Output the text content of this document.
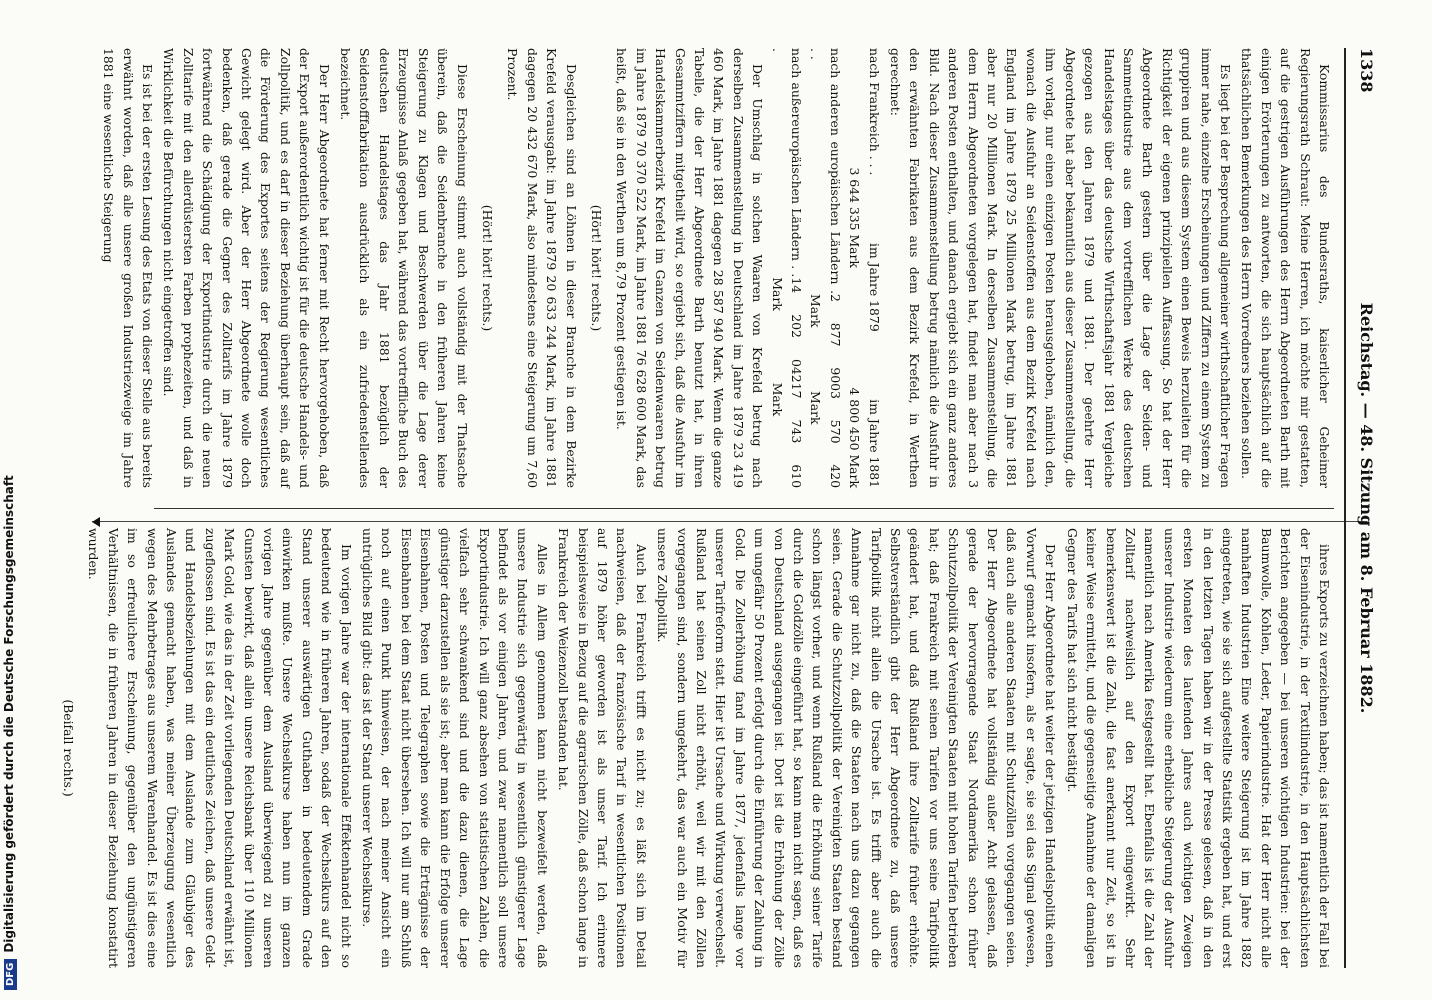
DFGDigitalisierung gefördert durch die Deutsche Forschungsgemeinschaft
1338
Reichstag. — 48. Sitzung am 8. Februar 1882.

Kommissarius des Bundesraths, kaiserlicher Geheimer Regierungsrath Schraut: Meine Herren, ich möchte mir gestatten, auf die gestrigen Ausführungen des Herrn Abgeordneten Barth mit einigen Erörterungen zu antworten, die sich hauptsächlich auf die thatsächlichen Bemerkungen des Herrn Vorredners beziehen sollen.

Es liegt bei der Besprechung allgemeiner wirthschaftlicher Fragen immer nahe, einzelne Erscheinungen und Ziffern zu einem System zu gruppiren und aus diesem System einen Beweis herzuleiten für die Richtigkeit der eigenen prinzipiellen Auffassung. So hat der Herr Abgeordnete Barth gestern über die Lage der Seiden- und Sammetindustrie aus dem vortrefflichen Werke des deutschen Handelstages über das deutsche Wirthschaftsjahr 1881 Vergleiche gezogen aus den Jahren 1879 und 1881. Der geehrte Herr Abgeordnete hat aber bekanntlich aus dieser Zusammenstellung, die ihm vorlag, nur einen einzigen Posten herausgehoben, nämlich den, wonach die Ausfuhr an Seidenstoffen aus dem Bezirk Krefeld nach England im Jahre 1879 25 Millionen Mark betrug, im Jahre 1881 aber nur 20 Millionen Mark. In derselben Zusammenstellung, die dem Herrn Abgeordneten vorgelegen hat, findet man aber nach 3 anderen Posten enthalten, und danach ergiebt sich ein ganz anderes Bild. Nach dieser Zusammenstellung betrug nämlich die Ausfuhr in den erwähnten Fabrikaten aus dem Bezirk Krefeld, in Werthen gerechnet:

nach Frankreich . . .
im Jahre 1879
im Jahre 1881
3 644 335 Mark
4 800 450 Mark
nach anderen europäischen Ländern . . .
2 877 900 Mark
3 570 420 Mark
nach außereuropäischen Ländern . . .
14 202 042 Mark
17 743 610 Mark

Der Umschlag in solchen Waaren von Krefeld betrug nach derselben Zusammenstellung in Deutschland im Jahre 1879 23 419 460 Mark, im Jahre 1881 dagegen 28 587 940 Mark. Wenn die ganze Tabelle, die der Herr Abgeordnete Barth benutzt hat, in ihren Gesammtziffern mitgetheilt wird, so ergiebt sich, daß die Ausfuhr im Handelskammerbezirk Krefeld im Ganzen von Seidenwaaren betrug im Jahre 1879 70 370 522 Mark, im Jahre 1881 76 628 600 Mark, das heißt, daß sie in den Werthen um 8,79 Prozent gestiegen ist.

(Hört! hört! rechts.)

Desgleichen sind an Löhnen in dieser Branche in dem Bezirke Krefeld verausgabt: im Jahre 1879 20 633 244 Mark, im Jahre 1881 dagegen 20 432 670 Mark, also mindestens eine Steigerung um 7,60 Prozent.

(Hört! hört! rechts.)

Diese Erscheinung stimmt auch vollständig mit der Thatsache überein, daß die Seidenbranche in den früheren Jahren keine Steigerung zu Klagen und Beschwerden über die Lage derer Erzeugnisse Anlaß gegeben hat, während das vortreffliche Buch des deutschen Handelstages das Jahr 1881 bezüglich der Seidenstofffabrikation ausdrücklich als ein zufriedenstellendes bezeichnet.

Der Herr Abgeordnete hat ferner mit Recht hervorgehoben, daß der Export außerordentlich wichtig ist für die deutsche Handels- und Zollpolitik, und es darf in dieser Beziehung überhaupt sein, daß auf die Förderung des Exportes seitens der Regierung wesentliches Gewicht gelegt wird. Aber der Herr Abgeordnete wolle doch bedenken, daß gerade die Gegner des Zolltarifs im Jahre 1879 fortwährend die Schädigung der Exportindustrie durch die neuen Zolltarife mit den allerdüstersten Farben prophezeiten, und daß in Wirklichkeit die Befürchtungen nicht eingetroffen sind.

Es ist bei der ersten Lesung des Etats von dieser Stelle aus bereits erwähnt worden, daß alle unsere großen Industriezweige im Jahre 1881 eine wesentliche Steigerung

ihres Exports zu verzeichnen haben; das ist namentlich der Fall bei der Eisenindustrie, in der Textilindustrie, in den Hauptsächlichsten Berichten angegeben — bei unseren wichtigen Industrien: bei der Baumwolle, Kohlen, Leder, Papierindustrie. Hat der Herr nicht alle namhaften Industrien Eine weitere Steigerung ist im Jahre 1882 eingetreten, wie sie sich aufgestellte Statistik ergeben hat, und erst in den letzten Tagen haben wir in der Presse gelesen, daß in den ersten Monaten des laufenden Jahres auch wichtigen Zweigen unserer Industrie wiederum eine erhebliche Steigerung der Ausfuhr namentlich nach Amerika festgestellt hat. Ebenfalls ist die Zahl der Zolltarif nachweislich auf den Export eingewirkt. Sehr bemerkenswert ist die Zahl, die fast anerkannt nur Zeit, so ist in keiner Weise ermittelt, und die gegenseitige Annahme der damaligen Gegner des Tarifs hat sich nicht bestätigt.

Der Herr Abgeordnete hat weiter der jetzigen Handelspolitik einen Vorwurf gemacht insofern, als er sagte, sie sei das Signal gewesen, daß auch alle anderen Staaten mit Schutzzöllen vorgegangen seien. Der Herr Abgeordnete hat vollständig außer Acht gelassen, daß gerade der hervorragende Staat Nordamerika schon früher Schutzzollpolitik der Vereinigten Staaten mit hohen Tarifen betrieben hat; daß Frankreich mit seinen Tarifen vor uns seine Tarifpolitik geändert hat, und daß Rußland ihre Zolltarife früher erhöhte. Selbstverständlich gibt der Herr Abgeordnete zu, daß unsere Tarifpolitik nicht allein die Ursache ist. Es trifft aber auch die Annahme gar nicht zu, daß die Staaten nach uns dazu gegangen seien. Gerade die Schutzzollpolitik der Vereinigten Staaten bestand schon längst vorher, und wenn Rußland die Erhöhung seiner Tarife durch die Goldzölle eingeführt hat, so kann man nicht sagen, daß es von Deutschland ausgegangen ist. Dort ist die Erhöhung der Zölle um ungefähr 50 Prozent erfolgt durch die Einführung der Zahlung in Gold. Die Zollerhöhung fand im Jahre 1877, jedenfalls lange vor unserer Tarifreform statt. Hier ist Ursache und Wirkung verwechselt. Rußland hat seinen Zoll nicht erhöht, weil wir mit den Zöllen vorgegangen sind, sondern umgekehrt, das war auch ein Motiv für unsere Zollpolitik.

Auch bei Frankreich trifft es nicht zu; es läßt sich im Detail nachweisen, daß der französische Tarif in wesentlichen Positionen auf 1879 höher geworden ist als unser Tarif. Ich erinnere beispielsweise in Bezug auf die agrarischen Zölle, daß schon lange in Frankreich der Weizenzoll bestanden hat.

Alles in Allem genommen kann nicht bezweifelt werden, daß unsere Industrie sich gegenwärtig in wesentlich günstigerer Lage befindet als vor einigen Jahren, und zwar namentlich soll unsere Exportindustrie. Ich will ganz absehen von statistischen Zahlen, die vielfach sehr schwankend sind und die dazu dienen, die Lage günstiger darzustellen als sie ist; aber man kann die Erfolge unserer Eisenbahnen, Posten und Telegraphen sowie die Erträgnisse der Eisenbahnen bei dem Staat nicht übersehen. Ich will nur am Schluß noch auf einen Punkt hinweisen, der nach meiner Ansicht ein untrügliches Bild gibt: das ist der Stand unserer Wechselkurse.

Im vorigen Jahre war der internationale Effektenhandel nicht so bedeutend wie in früheren Jahren, sodaß der Wechselkurs auf den Stand unserer auswärtigen Guthaben in bedeutendem Grade einwirken mußte. Unsere Wechselkurse haben nun im ganzen vorigen Jahre gegenüber dem Ausland überwiegend zu unseren Gunsten bewirkt, daß allein unsere Reichsbank über 110 Millionen Mark Gold, wie das in der Zeit vorliegenden Deutschland erwähnt ist, zugeflossen sind. Es ist das ein deutliches Zeichen, daß unsere Geld- und Handelsbeziehungen mit dem Auslande zum Gläubiger des Auslandes gemacht haben, was meiner Überzeugung wesentlich wegen des Mehrbetrages aus unserem Warenhandel. Es ist dies eine im so erfreulichere Erscheinung, gegenüber den ungünstigeren Verhältnissen, die in früheren Jahren in dieser Beziehung konstatirt wurden.

(Beifall rechts.)
